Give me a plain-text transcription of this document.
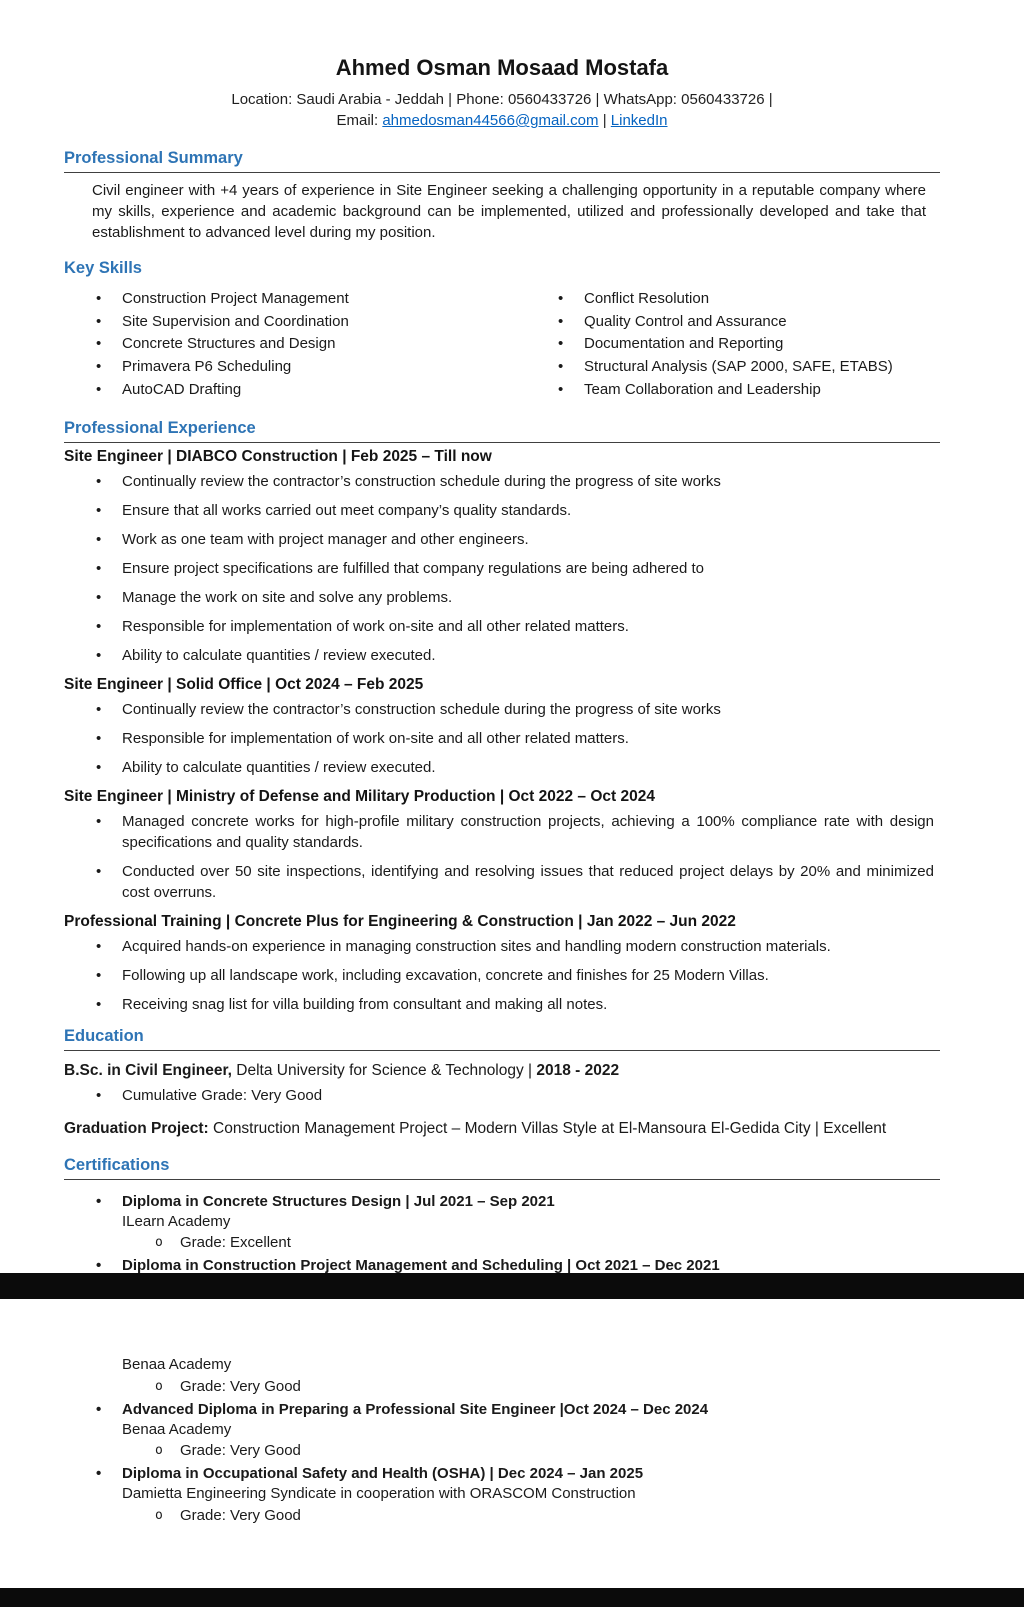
Ahmed Osman Mosaad Mostafa

Location: Saudi Arabia - Jeddah | Phone: 0560433726 | WhatsApp: 0560433726 |

Email: ahmedosman44566@gmail.com | LinkedIn

Professional Summary

Civil engineer with +4 years of experience in Site Engineer seeking a challenging opportunity in a reputable company where my skills, experience and academic background can be implemented, utilized and professionally developed and take that establishment to advanced level during my position.

Key Skills
•
Construction Project Management
•
Site Supervision and Coordination
•
Concrete Structures and Design
•
Primavera P6 Scheduling
•
AutoCAD Drafting
•
Conflict Resolution
•
Quality Control and Assurance
•
Documentation and Reporting
•
Structural Analysis (SAP 2000, SAFE, ETABS)
•
Team Collaboration and Leadership
Professional Experience
Site Engineer | DIABCO Construction | Feb 2025 – Till now
•
Continually review the contractor’s construction schedule during the progress of site works
•
Ensure that all works carried out meet company’s quality standards.
•
Work as one team with project manager and other engineers.
•
Ensure project specifications are fulfilled that company regulations are being adhered to
•
Manage the work on site and solve any problems.
•
Responsible for implementation of work on-site and all other related matters.
•
Ability to calculate quantities / review executed.
Site Engineer | Solid Office | Oct 2024 – Feb 2025
•
Continually review the contractor’s construction schedule during the progress of site works
•
Responsible for implementation of work on-site and all other related matters.
•
Ability to calculate quantities / review executed.
Site Engineer | Ministry of Defense and Military Production | Oct 2022 – Oct 2024
•
Managed concrete works for high-profile military construction projects, achieving a 100% compliance rate with design specifications and quality standards.
•
Conducted over 50 site inspections, identifying and resolving issues that reduced project delays by 20% and minimized cost overruns.
Professional Training | Concrete Plus for Engineering & Construction | Jan 2022 – Jun 2022
•
Acquired hands-on experience in managing construction sites and handling modern construction materials.
•
Following up all landscape work, including excavation, concrete and finishes for 25 Modern Villas.
•
Receiving snag list for villa building from consultant and making all notes.
Education

B.Sc. in Civil Engineer, Delta University for Science & Technology | 2018 - 2022

•
Cumulative Grade: Very Good

Graduation Project: Construction Management Project – Modern Villas Style at El-Mansoura El-Gedida City | Excellent

Certifications
•
Diploma in Concrete Structures Design | Jul 2021 – Sep 2021

ILearn Academy

o
Grade: Excellent
•
Diploma in Construction Project Management and Scheduling | Oct 2021 – Dec 2021

Benaa Academy

o
Grade: Very Good
•
Advanced Diploma in Preparing a Professional Site Engineer |Oct 2024 – Dec 2024

Benaa Academy

o
Grade: Very Good
•
Diploma in Occupational Safety and Health (OSHA) | Dec 2024 – Jan 2025

Damietta Engineering Syndicate in cooperation with ORASCOM Construction

o
Grade: Very Good
